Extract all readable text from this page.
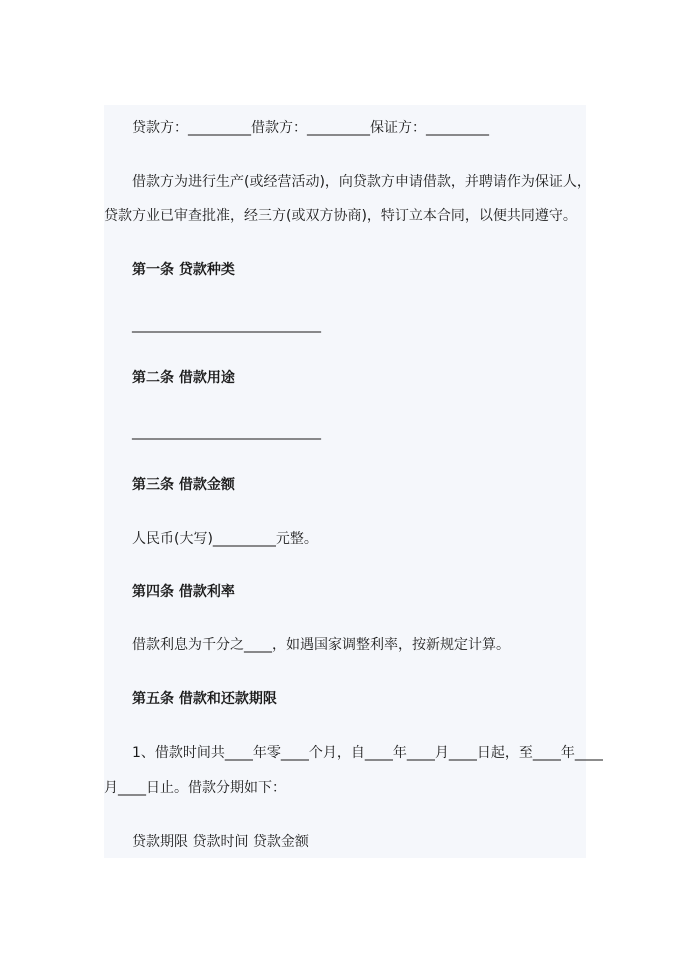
贷款方：_________借款方：_________保证方：_________
借款方为进行生产(或经营活动)，向贷款方申请借款，并聘请作为保证人，
贷款方业已审查批准，经三方(或双方协商)，特订立本合同，以便共同遵守。
第一条 贷款种类
___________________________
第二条 借款用途
___________________________
第三条 借款金额
人民币(大写)_________元整。
第四条 借款利率
借款利息为千分之____，如遇国家调整利率，按新规定计算。
第五条 借款和还款期限
1、借款时间共____年零____个月，自____年____月____日起，至____年____
月____日止。借款分期如下：
贷款期限 贷款时间 贷款金额
